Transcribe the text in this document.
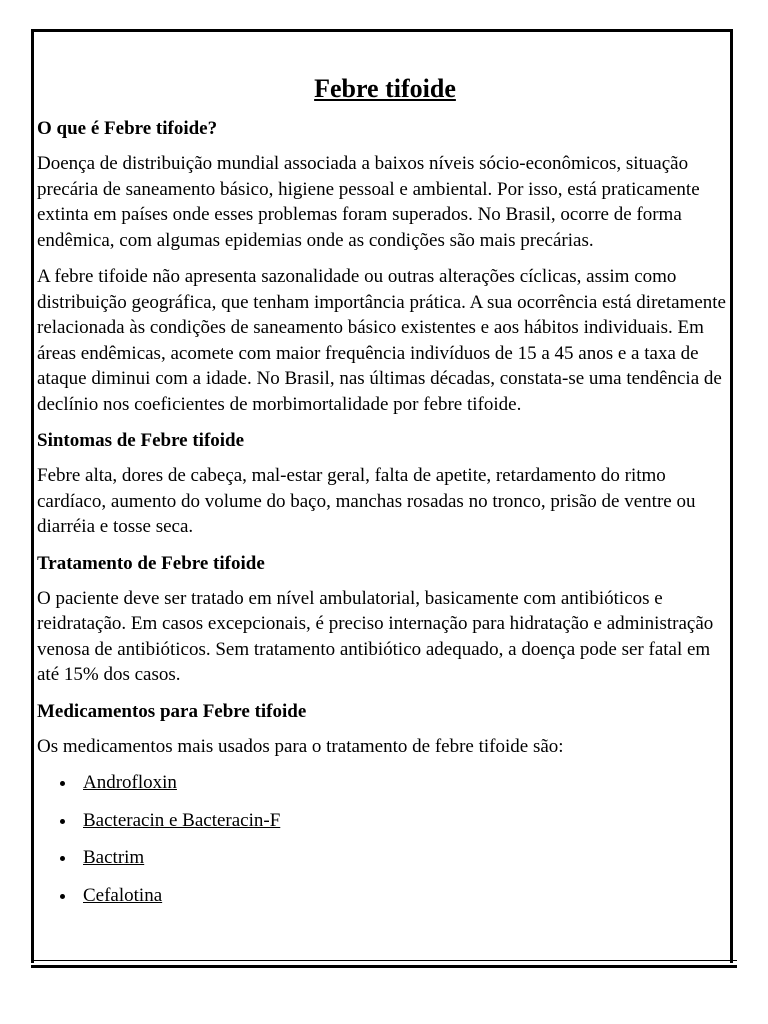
Febre tifoide
O que é Febre tifoide?

Doença de distribuição mundial associada a baixos níveis sócio-econômicos, situação precária de saneamento básico, higiene pessoal e ambiental. Por isso, está praticamente extinta em países onde esses problemas foram superados. No Brasil, ocorre de forma endêmica, com algumas epidemias onde as condições são mais precárias.

A febre tifoide não apresenta sazonalidade ou outras alterações cíclicas, assim como distribuição geográfica, que tenham importância prática. A sua ocorrência está diretamente relacionada às condições de saneamento básico existentes e aos hábitos individuais. Em áreas endêmicas, acomete com maior frequência indivíduos de 15 a 45 anos e a taxa de ataque diminui com a idade. No Brasil, nas últimas décadas, constata-se uma tendência de declínio nos coeficientes de morbimortalidade por febre tifoide.

Sintomas de Febre tifoide

Febre alta, dores de cabeça, mal-estar geral, falta de apetite, retardamento do ritmo cardíaco, aumento do volume do baço, manchas rosadas no tronco, prisão de ventre ou diarréia e tosse seca.

Tratamento de Febre tifoide

O paciente deve ser tratado em nível ambulatorial, basicamente com antibióticos e reidratação. Em casos excepcionais, é preciso internação para hidratação e administração venosa de antibióticos. Sem tratamento antibiótico adequado, a doença pode ser fatal em até 15% dos casos.

Medicamentos para Febre tifoide

Os medicamentos mais usados para o tratamento de febre tifoide são:

Androfloxin
Bacteracin e Bacteracin-F
Bactrim
Cefalotina
